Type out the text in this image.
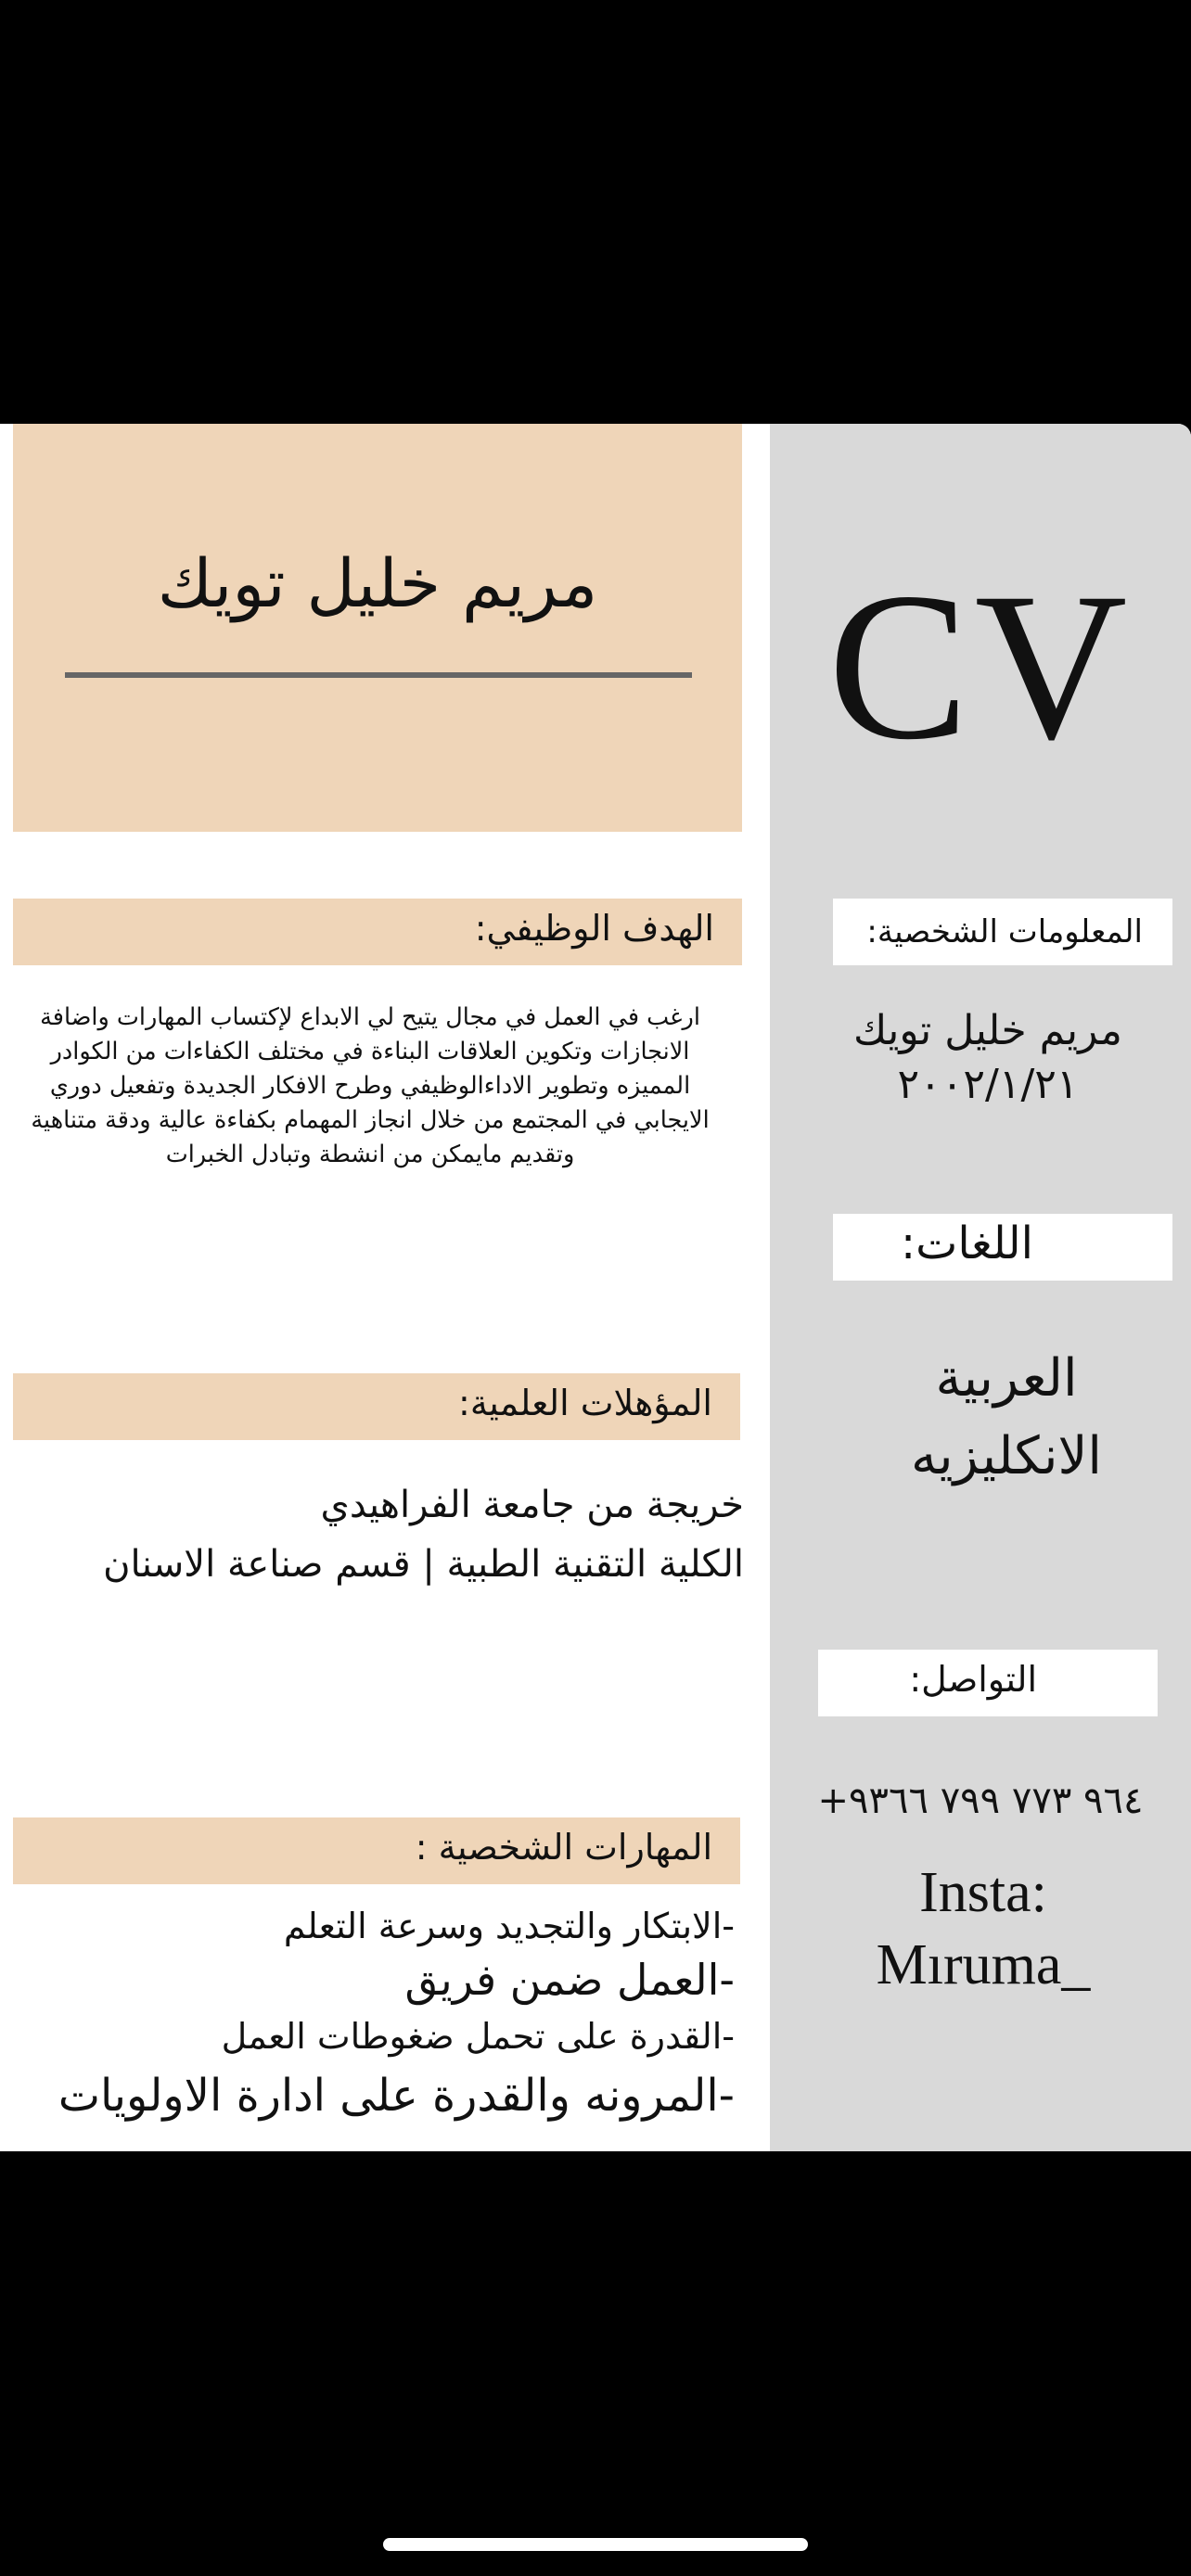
مريم خليل تويك	CV
الهدف الوظيفي:
ارغب في العمل في مجال يتيح لي الابداع لإكتساب المهارات واضافة
الانجازات وتكوين العلاقات البناءة في مختلف الكفاءات من الكوادر
المميزه وتطوير الاداءالوظيفي وطرح الافكار الجديدة وتفعيل دوري
الايجابي في المجتمع من خلال انجاز المهمام بكفاءة عالية ودقة متناهية
وتقديم مايمكن من انشطة وتبادل الخبرات
المؤهلات العلمية:
خريجة من جامعة الفراهيدي
الكلية التقنية الطبية | قسم صناعة الاسنان
المهارات الشخصية :
-الابتكار والتجديد وسرعة التعلم
-العمل ضمن فريق
-القدرة على تحمل ضغوطات العمل
-المرونه والقدرة على ادارة الاولويات
المعلومات الشخصية:
مريم خليل تويك
٢٠٠٢/١/٢١
اللغات:
العربية
الانكليزيه
التواصل:
+٩٦٤ ٧٧٣ ٧٩٩ ٩٣٦٦
Insta:
Mıruma_
